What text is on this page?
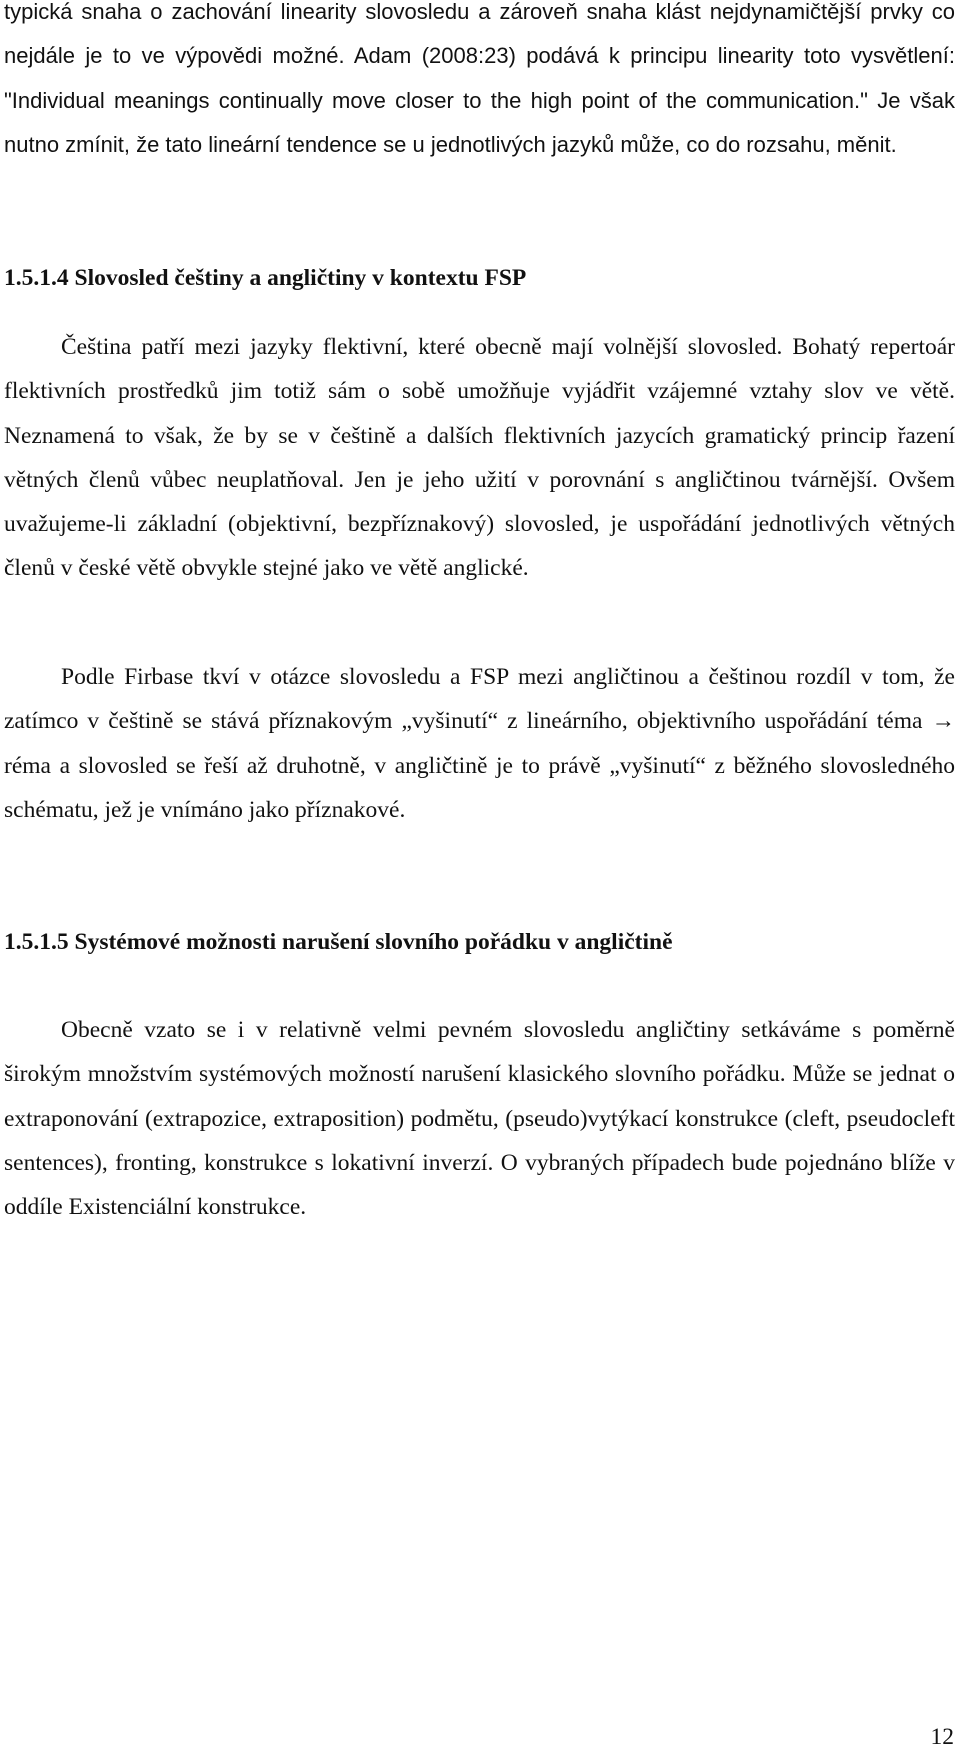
typická snaha o zachování linearity slovosledu a zároveň snaha klást nejdynamičtější prvky co nejdále je to ve výpovědi možné. Adam (2008:23) podává k principu linearity toto vysvětlení: "Individual meanings continually move closer to the high point of the communication." Je však nutno zmínit, že tato lineární tendence se u jednotlivých jazyků může, co do rozsahu, měnit.

1.5.1.4 Slovosled češtiny a angličtiny v kontextu FSP

Čeština patří mezi jazyky flektivní, které obecně mají volnější slovosled. Bohatý repertoár flektivních prostředků jim totiž sám o sobě umožňuje vyjádřit vzájemné vztahy slov ve větě. Neznamená to však, že by se v češtině a dalších flektivních jazycích gramatický princip řazení větných členů vůbec neuplatňoval. Jen je jeho užití v porovnání s angličtinou tvárnější. Ovšem uvažujeme-li základní (objektivní, bezpříznakový) slovosled, je uspořádání jednotlivých větných členů v české větě obvykle stejné jako ve větě anglické.

Podle Firbase tkví v otázce slovosledu a FSP mezi angličtinou a češtinou rozdíl v tom, že zatímco v češtině se stává příznakovým „vyšinutí“ z lineárního, objektivního uspořádání téma → réma a slovosled se řeší až druhotně, v angličtině je to právě „vyšinutí“ z běžného slovosledného schématu, jež je vnímáno jako příznakové.

1.5.1.5 Systémové možnosti narušení slovního pořádku v angličtině

Obecně vzato se i v relativně velmi pevném slovosledu angličtiny setkáváme s poměrně širokým množstvím systémových možností narušení klasického slovního pořádku. Může se jednat o extraponování (extrapozice, extraposition) podmětu, (pseudo)vytýkací konstrukce (cleft, pseudocleft sentences), fronting, konstrukce s lokativní inverzí. O vybraných případech bude pojednáno blíže v oddíle Existenciální konstrukce.

12
